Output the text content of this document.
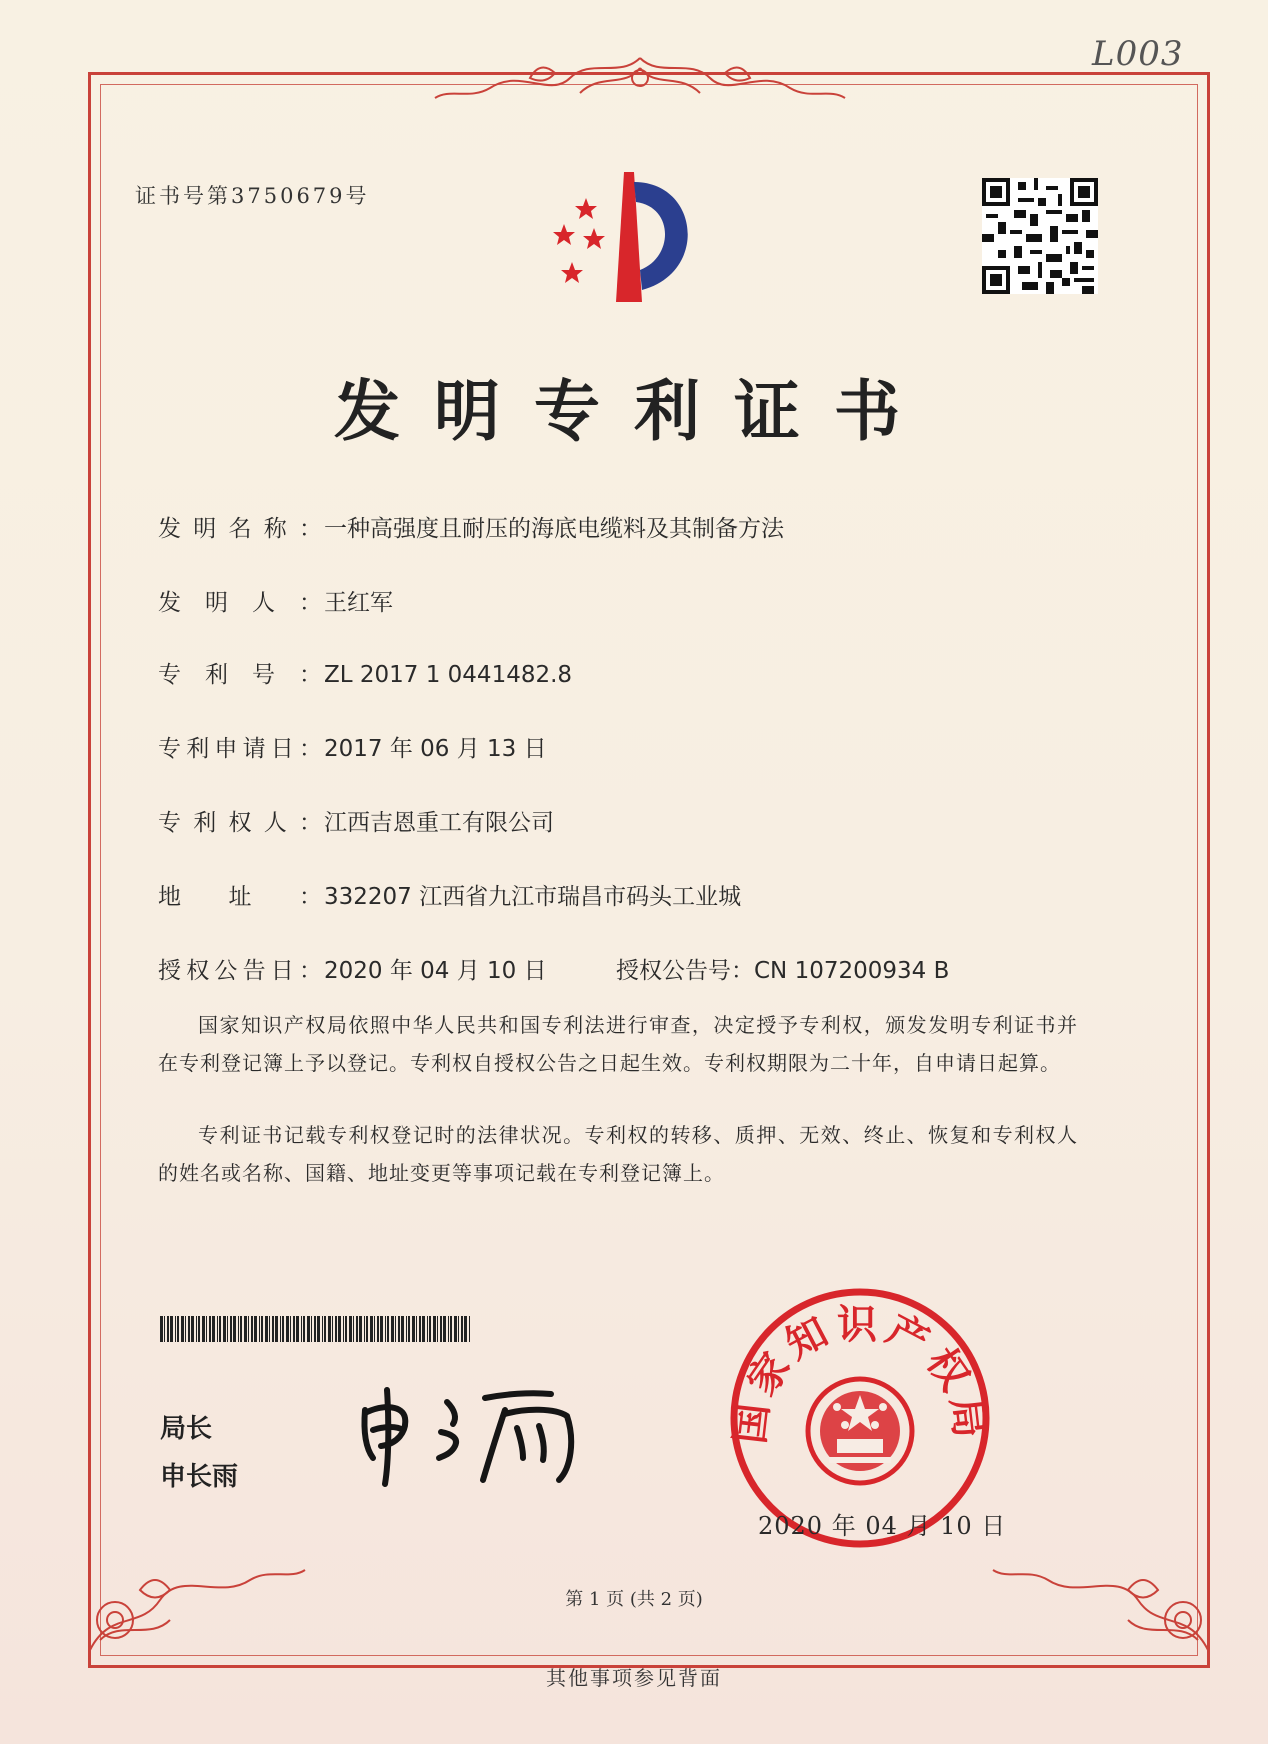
L003
证书号第3750679号
发明专利证书
发明名称：一种高强度且耐压的海底电缆料及其制备方法
发明人：王红军
专利号：ZL 2017 1 0441482.8
专利申请日：2017 年 06 月 13 日
专利权人：江西吉恩重工有限公司
地址：332207 江西省九江市瑞昌市码头工业城
授权公告日：2020 年 04 月 10 日	授权公告号：CN 107200934 B
国家知识产权局依照中华人民共和国专利法进行审查，决定授予专利权，颁发发明专利证书并在专利登记簿上予以登记。专利权自授权公告之日起生效。专利权期限为二十年，自申请日起算。
专利证书记载专利权登记时的法律状况。专利权的转移、质押、无效、终止、恢复和专利权人的姓名或名称、国籍、地址变更等事项记载在专利登记簿上。
局长
申长雨
国家知识产权局
2020 年 04 月 10 日
第 1 页 (共 2 页)
其他事项参见背面
